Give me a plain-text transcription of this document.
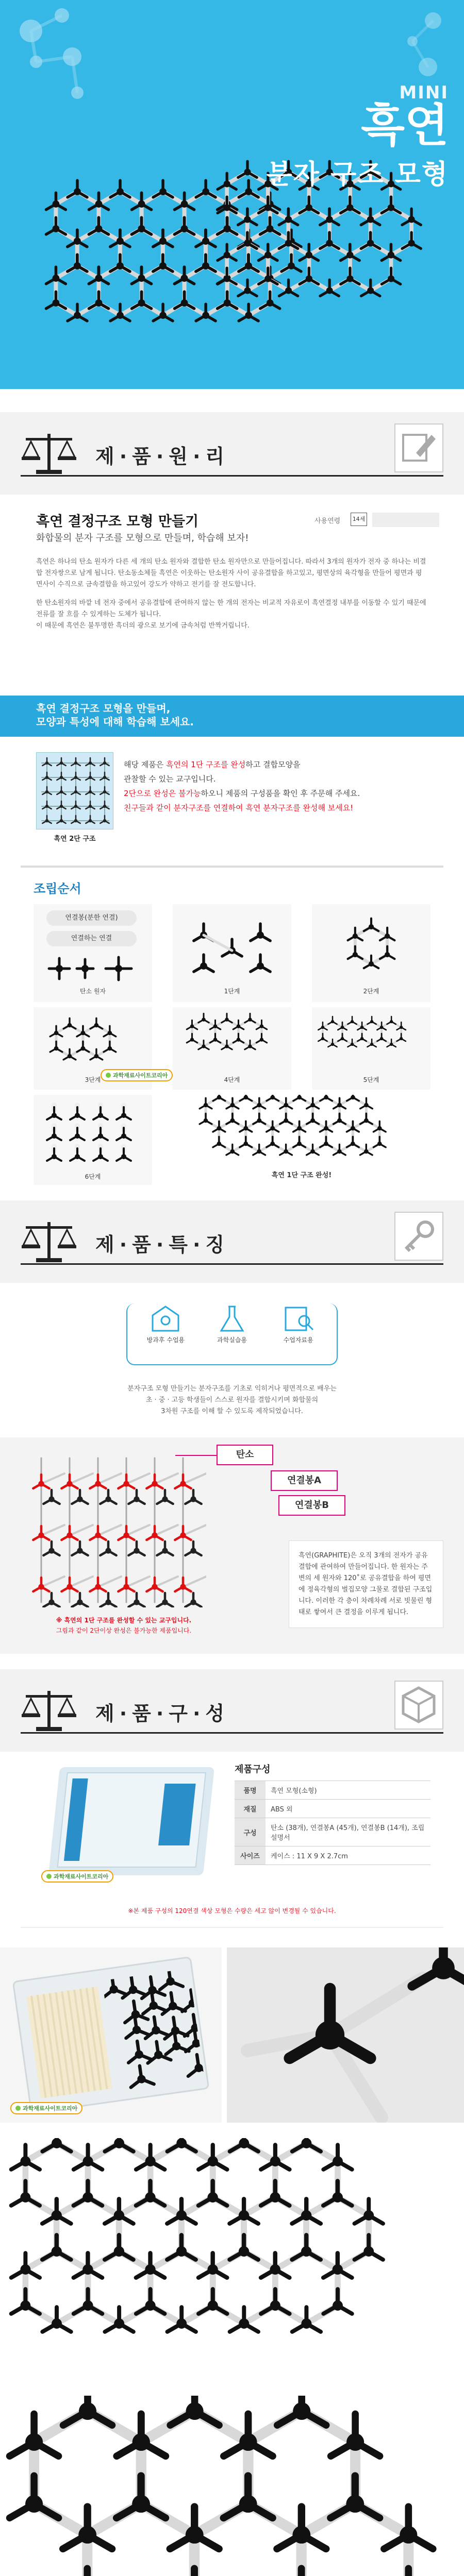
MINI
흑연
분자 구조 모형
제·품·원·리
흑연 결정구조 모형 만들기
화합물의 분자 구조를 모형으로 만들며, 학습해 보자!
사용연령	14세

흑연은 하나의 탄소 원자가 다른 세 개의 탄소 원자와 결합한 탄소 원자만으로 만들어집니다. 따라서 3개의 원자가 전자 중 하나는 비결합 전자쌍으로 남게 됩니다. 탄소동소체들 흑연은 이웃하는 탄소원자 사이 공유결합을 하고있고, 평면상의 육각형을 만들어 평면과 평면사이 수직으로 금속결합을 하고있어 강도가 약하고 전기를 잘 전도합니다.

한 탄소원자의 바깥 네 전자 중에서 공유결합에 관여하지 않는 한 개의 전자는 비교적 자유로이 흑연결정 내부를 이동할 수 있기 때문에 전류를 잘 흐를 수 있게하는 도체가 됩니다.

이 때문에 흑연은 불투명한 흑더의 광으로 보기에 금속처럼 반짝거립니다.

흑연 결정구조 모형을 만들며,
모양과 특성에 대해 학습해 보세요.
흑연 2단 구조
해당 제품은 흑연의 1단 구조를 완성하고 결합모양을
관찰할 수 있는 교구입니다.
2단으로 완성은 불가능하오니 제품의 구성품을 확인 후 주문해 주세요.
친구들과 같이 분자구조를 연결하여 흑연 분자구조를 완성해 보세요!
조립순서
연결봉(분한 연결)
연결하는 연결
탄소 원자	1단계	2단계
3단계	4단계	5단계
6단계	흑연 1단 구조 완성!
과학재료사이트코리아
제·품·특·징
방과후 수업용	과학실습용	수업자료용
분자구조 모형 만들기는 분자구조를 기초로 익히거나 평면적으로 배우는
초 · 중 · 고등 학생들이 스스로 원자를 결합시키며 화합물의
3차원 구조를 이해 할 수 있도록 제작되었습니다.
탄소
연결봉A
연결봉B
흑연(GRAPHITE)은 오직 3개의 전자가 공유결합에 관여하여 만들어집니다. 한 원자는 주변의 세 원자와 120˚로 공유결합을 하여 평면에 정육각형의 벌집모양 그물로 결합된 구조입니다. 이러한 각 층이 차례차례 서로 빗물린 형태로 쌓여서 큰 결정을 이루게 됩니다.
※ 흑연의 1단 구조를 완성할 수 있는 교구입니다.
그림과 같이 2단이상 완성은 불가능한 제품입니다.
제·품·구·성
과학재료사이트코리아
제품구성
품명	흑연 모형(소형)
재질	ABS 외
구성	탄소 (38개), 연결봉A (45개), 연결봉B (14개), 조립설명서
사이즈	케이스 : 11 X 9 X 2.7cm
※본 제품 구성의 120연결 색상 모형은 수량은 세고 않이 변경될 수 있습니다.
과학재료사이트코리아
